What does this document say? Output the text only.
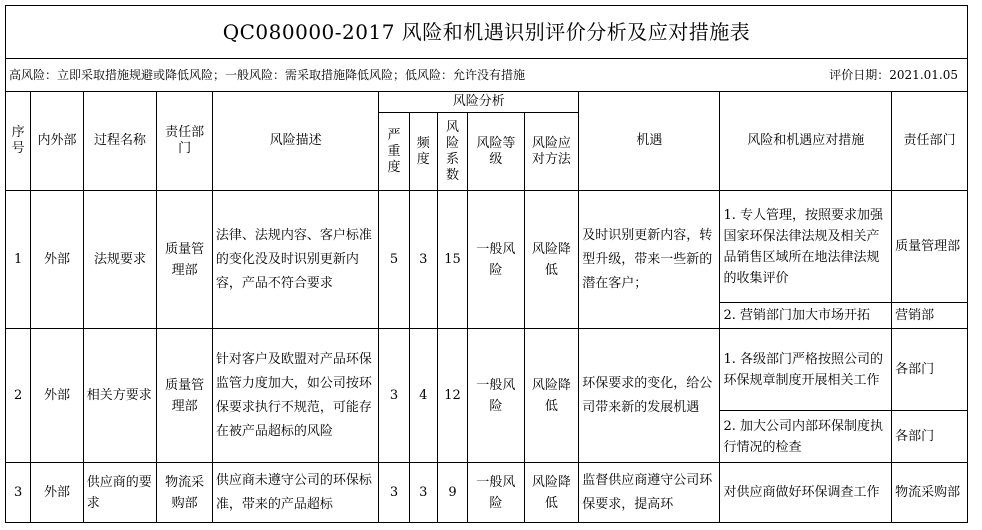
QC080000-2017 风险和机遇识别评价分析及应对措施表												
高风险：立即采取措施规避或降低风险；一般风险：需采取措施降低风险；低风险：允许没有措施 评价日期：2021.01.05												

序号	内外部	过程名称	责任部门	风险描述	风险分析					机遇	风险和机遇应对措施	责任部门
					严重度	频度	风险系数	风险等级	风险应对方法			
1	外部	法规要求	质量管理部	法律、法规内容、客户标准的变化没及时识别更新内容，产品不符合要求	5	3	15	一般风险	风险降低	及时识别更新内容，转型升级，带来一些新的潜在客户；	1. 专人管理，按照要求加强国家环保法律法规及相关产品销售区域所在地法律法规的收集评价	质量管理部
											2. 营销部门加大市场开拓	营销部
2	外部	相关方要求	质量管理部	针对客户及欧盟对产品环保监管力度加大，如公司按环保要求执行不规范，可能存在被产品超标的风险	3	4	12	一般风险	风险降低	环保要求的变化，给公司带来新的发展机遇	1. 各级部门严格按照公司的环保规章制度开展相关工作	各部门
											2. 加大公司内部环保制度执行情况的检查	各部门
3	外部	供应商的要求	物流采购部	供应商未遵守公司的环保标准，带来的产品超标	3	3	9	一般风险	风险降低	监督供应商遵守公司环保要求，提高环	对供应商做好环保调查工作	物流采购部
